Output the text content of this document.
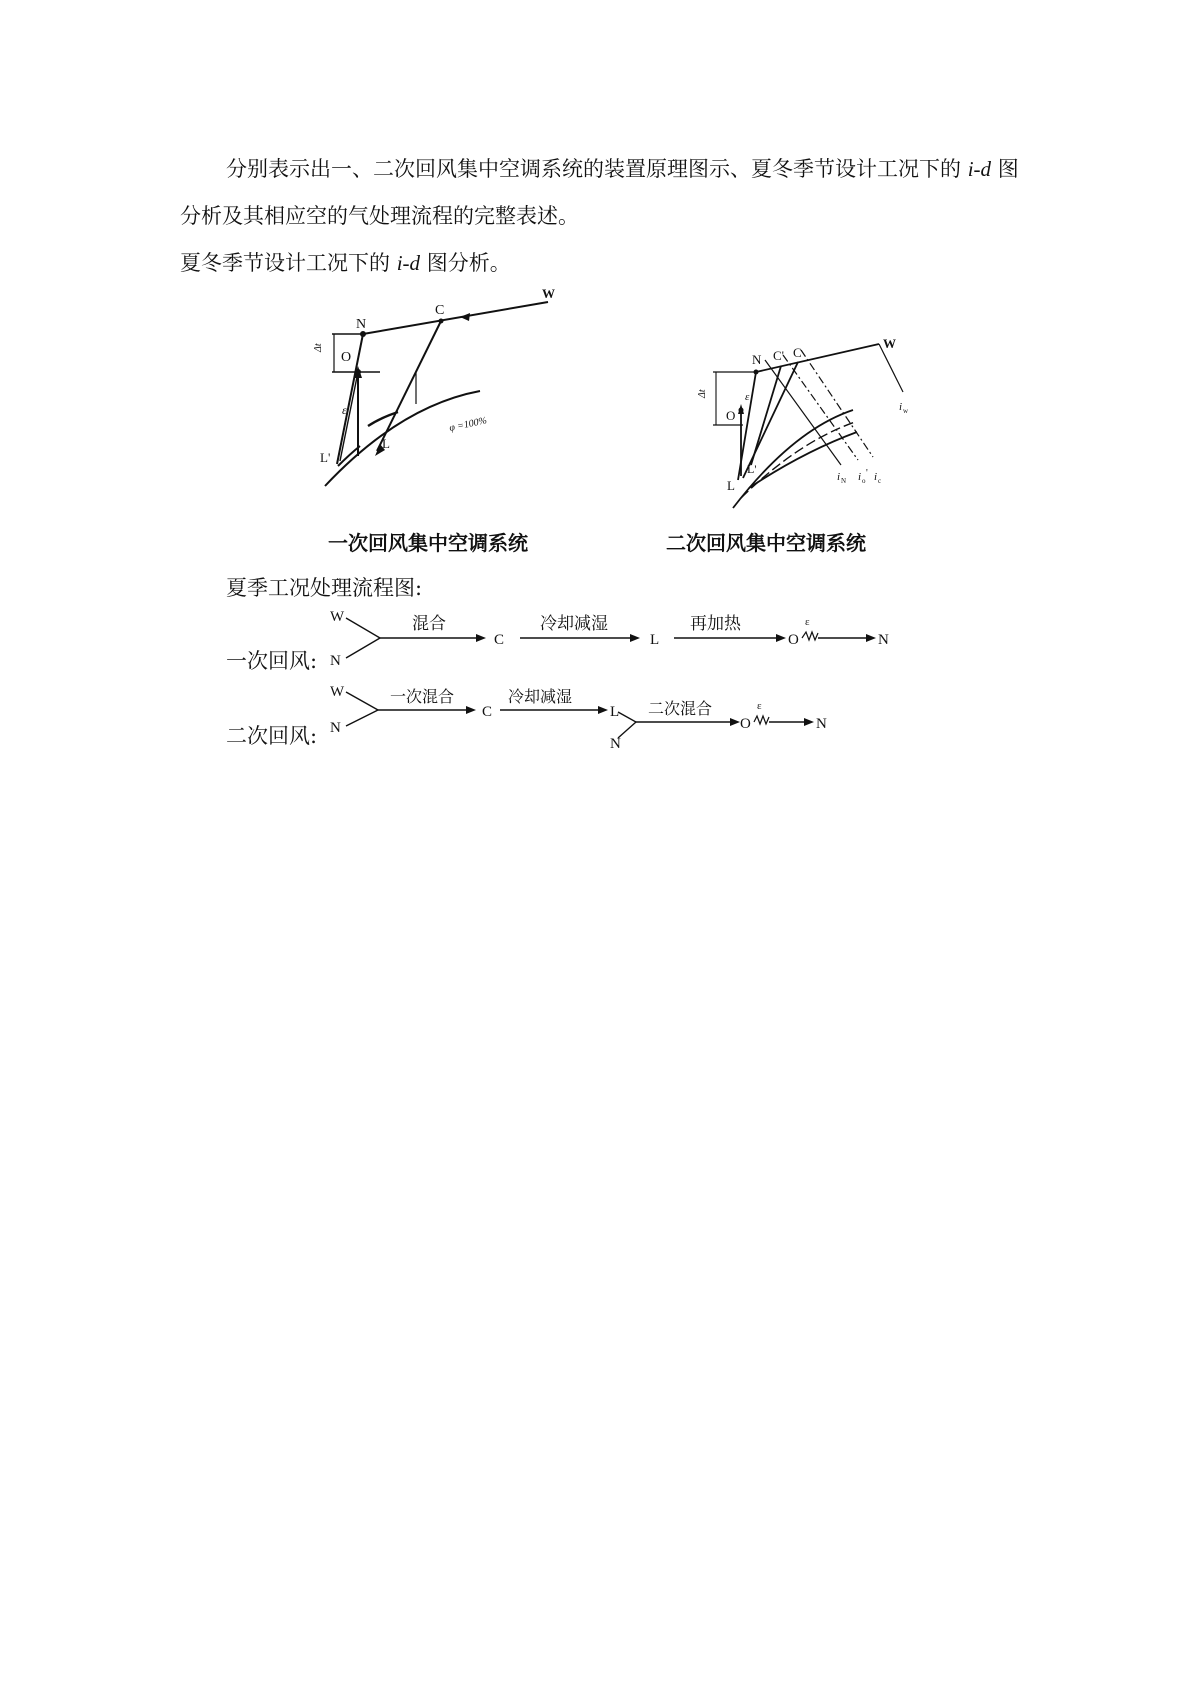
分别表示出一、二次回风集中空调系统的装置原理图示、夏冬季节设计工况下的 i-d 图
分析及其相应空的气处理流程的完整表述。
夏冬季节设计工况下的 i-d 图分析。
W
N
C
O
L
L'
ε
Δt
φ =100%
一次回风集中空调系统
W
N C' C
O
L
L'
ε
Δt
i N i o
' i c
i w
二次回风集中空调系统
夏季工况处理流程图:
一次回风:
W
N
混合
C
冷却减湿
L
再加热
O
ε
N
二次回风:
W
N
一次混合
C
冷却减湿
L
N
二次混合
O
ε
N
